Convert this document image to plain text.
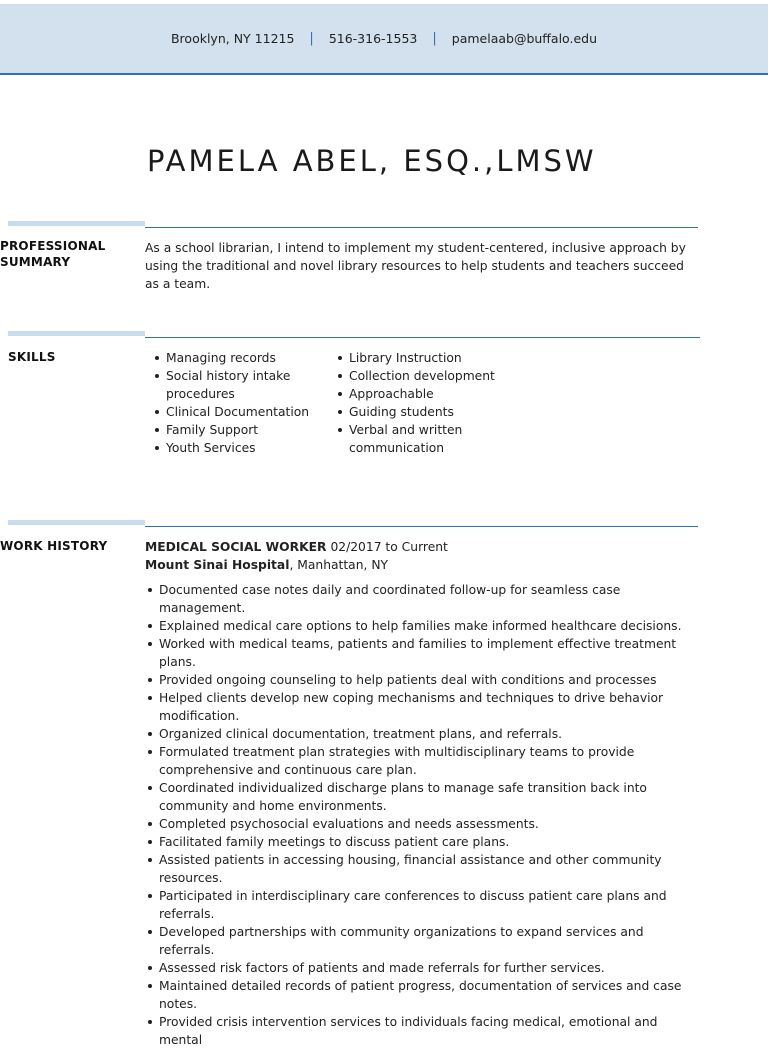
Brooklyn, NY 11215 | 516-316-1553 | pamelaab@buffalo.edu
PAMELA ABEL, ESQ.,LMSW
PROFESSIONAL
SUMMARY

As a school librarian, I intend to implement my student-centered, inclusive approach by using the traditional and novel library resources to help students and teachers succeed as a team.

SKILLS	Managing records
Social history intake procedures
Clinical Documentation
Family Support
Youth Services
Library Instruction
Collection development
Approachable
Guiding students
Verbal and written communication
WORK HISTORY	MEDICAL SOCIAL WORKER 02/2017 to Current

Mount Sinai Hospital, Manhattan, NY

Documented case notes daily and coordinated follow-up for seamless case management.
Explained medical care options to help families make informed healthcare decisions.
Worked with medical teams, patients and families to implement effective treatment plans.
Provided ongoing counseling to help patients deal with conditions and processes
Helped clients develop new coping mechanisms and techniques to drive behavior modification.
Organized clinical documentation, treatment plans, and referrals.
Formulated treatment plan strategies with multidisciplinary teams to provide comprehensive and continuous care plan.
Coordinated individualized discharge plans to manage safe transition back into community and home environments.
Completed psychosocial evaluations and needs assessments.
Facilitated family meetings to discuss patient care plans.
Assisted patients in accessing housing, financial assistance and other community resources.
Participated in interdisciplinary care conferences to discuss patient care plans and referrals.
Developed partnerships with community organizations to expand services and referrals.
Assessed risk factors of patients and made referrals for further services.
Maintained detailed records of patient progress, documentation of services and case notes.
Provided crisis intervention services to individuals facing medical, emotional and mental
